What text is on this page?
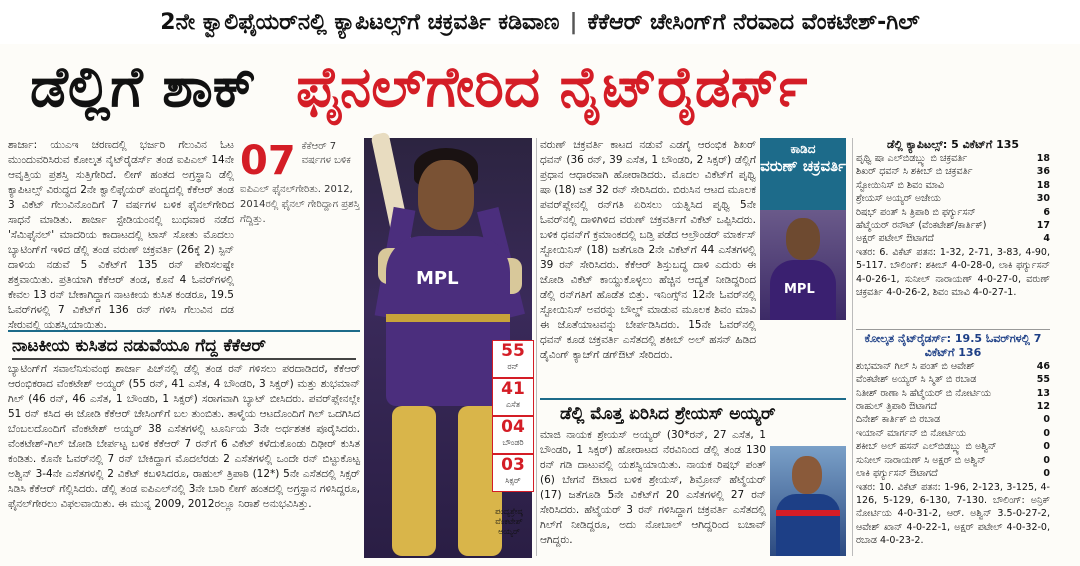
2ನೇ ಕ್ವಾಲಿಫೈಯರ್‌ನಲ್ಲಿ ಕ್ಯಾಪಿಟಲ್ಸ್‌ಗೆ ಚಕ್ರವರ್ತಿ ಕಡಿವಾಣ | ಕೆಕೆಆರ್ ಚೇಸಿಂಗ್‌ಗೆ ನೆರವಾದ ವೆಂಕಟೇಶ್-ಗಿಲ್
ಡೆಲ್ಲಿಗೆ ಶಾಕ್ ಫೈನಲ್‌ಗೇರಿದ ನೈಟ್‌ರೈಡರ್ಸ್
ಶಾರ್ಜಾ: ಯುಎಇ ಚರಣದಲ್ಲಿ ಭರ್ಜರಿ ಗೆಲುವಿನ ಓಟ ಮುಂದುವರಿಸಿರುವ ಕೋಲ್ಕತ ನೈಟ್‌ರೈಡರ್ಸ್ ತಂಡ ಐಪಿಎಲ್ 14ನೇ ಆವೃತ್ತಿಯ ಪ್ರಶಸ್ತಿ ಸುತ್ತಿಗೇರಿದೆ. ಲೀಗ್ ಹಂತದ ಅಗ್ರಸ್ಥಾನಿ ಡೆಲ್ಲಿ ಕ್ಯಾಪಿಟಲ್ಸ್ ವಿರುದ್ಧದ 2ನೇ ಕ್ವಾಲಿಫೈಯರ್ ಪಂದ್ಯದಲ್ಲಿ ಕೆಕೆಆರ್ ತಂಡ 3 ವಿಕೆಟ್ ಗೆಲುವಿನೊಂದಿಗೆ 7 ವರ್ಷಗಳ ಬಳಿಕ ಫೈನಲ್‌ಗೇರಿದ ಸಾಧನೆ ಮಾಡಿತು. ಶಾರ್ಜಾ ಸ್ಟೇಡಿಯಂನಲ್ಲಿ ಬುಧವಾರ ನಡೆದ 'ಸೆಮಿಫೈನಲ್' ಮಾದರಿಯ ಕಾದಾಟದಲ್ಲಿ ಟಾಸ್ ಸೋತು ಮೊದಲು ಬ್ಯಾಟಿಂಗ್‌ಗೆ ಇಳಿದ ಡೆಲ್ಲಿ ತಂಡ ವರುಣ್ ಚಕ್ರವರ್ತಿ (26ಕ್ಕೆ 2) ಸ್ಪಿನ್ ದಾಳಿಯ ನಡುವೆ 5 ವಿಕೆಟ್‌ಗೆ 135 ರನ್ ಪೇರಿಸಲಷ್ಟೇ ಶಕ್ತವಾಯಿತು. ಪ್ರತಿಯಾಗಿ ಕೆಕೆಆರ್ ತಂಡ, ಕೊನೆ 4 ಓವರ್‌ಗಳಲ್ಲಿ ಕೇವಲ 13 ರನ್ ಬೇಕಾಗಿದ್ದಾಗ ನಾಟಕೀಯ ಕುಸಿತ ಕಂಡರೂ, 19.5 ಓವರ್‌ಗಳಲ್ಲಿ 7 ವಿಕೆಟ್‌ಗೆ 136 ರನ್ ಗಳಿಸಿ ಗೆಲುವಿನ ದಡ ಸೇರುವಲ್ಲಿ ಯಶಸ್ವಿಯಾಯಿತು.
07 ಕೆಕೆಆರ್ 7 ವರ್ಷಗಳ ಬಳಿಕ
ಐಪಿಎಲ್ ಫೈನಲ್‌ಗೇರಿತು. 2012, 2014ರಲ್ಲಿ ಫೈನಲ್ ಗೇರಿದ್ದಾಗ ಪ್ರಶಸ್ತಿ ಗೆದ್ದಿತ್ತು.
ನಾಟಕೀಯ ಕುಸಿತದ ನಡುವೆಯೂ ಗೆದ್ದ ಕೆಕೆಆರ್
ಬ್ಯಾಟಿಂಗ್‌ಗೆ ಸವಾಲೆನಿಸುವಂಥ ಶಾರ್ಜಾ ಪಿಚ್‌ನಲ್ಲಿ ಡೆಲ್ಲಿ ತಂಡ ರನ್ ಗಳಿಸಲು ಪರದಾಡಿದರೆ, ಕೆಕೆಆರ್ ಆರಂಭಿಕರಾದ ವೆಂಕಟೇಶ್ ಅಯ್ಯರ್ (55 ರನ್, 41 ಎಸೆತ, 4 ಬೌಂಡರಿ, 3 ಸಿಕ್ಸರ್) ಮತ್ತು ಶುಭಮಾನ್ ಗಿಲ್ (46 ರನ್, 46 ಎಸೆತ, 1 ಬೌಂಡರಿ, 1 ಸಿಕ್ಸರ್) ಸರಾಗವಾಗಿ ಬ್ಯಾಟ್ ಬೀಸಿದರು. ಪವರ್‌ಪ್ಲೇನಲ್ಲೇ 51 ರನ್ ಕಸಿದ ಈ ಜೋಡಿ ಕೆಕೆಆರ್ ಚೇಸಿಂಗ್‌ಗೆ ಬಲ ತುಂಬಿತು. ತಾಳ್ಮೆಯ ಆಟದೊಂದಿಗೆ ಗಿಲ್ ಒದಗಿಸಿದ ಬೆಂಬಲದೊಂದಿಗೆ ವೆಂಕಟೇಶ್ ಅಯ್ಯರ್ 38 ಎಸೆತಗಳಲ್ಲಿ ಟೂರ್ನಿಯ 3ನೇ ಅರ್ಧಶತಕ ಪೂರೈಸಿದರು. ವೆಂಕಟೇಶ್-ಗಿಲ್ ಜೋಡಿ ಬೇರ್ಪಟ್ಟ ಬಳಿಕ ಕೆಕೆಆರ್ 7 ರನ್‌ಗೆ 6 ವಿಕೆಟ್ ಕಳೆದುಕೊಂಡು ದಿಢೀರ್ ಕುಸಿತ ಕಂಡಿತು. ಕೊನೇ ಓವರ್‌ನಲ್ಲಿ 7 ರನ್ ಬೇಕಿದ್ದಾಗ ಮೊದಲೆರಡು 2 ಎಸೆತಗಳಲ್ಲಿ ಒಂದೇ ರನ್ ಬಿಟ್ಟುಕೊಟ್ಟ ಅಶ್ವಿನ್ 3-4ನೇ ಎಸೆತಗಳಲ್ಲಿ 2 ವಿಕೆಟ್ ಕಬಳಿಸಿದರೂ, ರಾಹುಲ್ ತ್ರಿಪಾಠಿ (12*) 5ನೇ ಎಸೆತದಲ್ಲಿ ಸಿಕ್ಸರ್ ಸಿಡಿಸಿ ಕೆಕೆಆರ್ ಗೆಲ್ಲಿಸಿದರು. ಡೆಲ್ಲಿ ತಂಡ ಐಪಿಎಲ್‌ನಲ್ಲಿ 3ನೇ ಬಾರಿ ಲೀಗ್ ಹಂತದಲ್ಲಿ ಅಗ್ರಸ್ಥಾನ ಗಳಿಸಿದ್ದರೂ, ಫೈನಲ್‌ಗೇರಲು ವಿಫಲವಾಯಿತು. ಈ ಮುನ್ನ 2009, 2012ರಲ್ಲೂ ನಿರಾಶೆ ಅನುಭವಿಸಿತ್ತು.
MPL
55
ರನ್
41
ಎಸೆತ
04
ಬೌಂಡರಿ
03
ಸಿಕ್ಸರ್
ಪಂದ್ಯಶ್ರೇಷ್ಠ ವೆಂಕಟೇಶ್ ಅಯ್ಯರ್
ವರುಣ್ ಚಕ್ರವರ್ತಿ ಕಾಟದ ನಡುವೆ ಎಡಗೈ ಆರಂಭಿಕ ಶಿಖರ್ ಧವನ್ (36 ರನ್, 39 ಎಸೆತ, 1 ಬೌಂಡರಿ, 2 ಸಿಕ್ಸರ್) ಡೆಲ್ಲಿಗೆ ಪ್ರಧಾನ ಆಧಾರವಾಗಿ ಹೋರಾಡಿದರು. ಮೊದಲ ವಿಕೆಟ್‌ಗೆ ಪೃಥ್ವಿ ಷಾ (18) ಜತೆ 32 ರನ್ ಸೇರಿಸಿದರು. ಬಿರುಸಿನ ಆಟದ ಮೂಲಕ ಪವರ್‌ಪ್ಲೇನಲ್ಲಿ ರನ್‌ಗತಿ ಏರಿಸಲು ಯತ್ನಿಸಿದ ಪೃಥ್ವಿ 5ನೇ ಓವರ್‌ನಲ್ಲಿ ದಾಳಿಗಿಳಿದ ವರುಣ್ ಚಕ್ರವರ್ತಿಗೆ ವಿಕೆಟ್ ಒಪ್ಪಿಸಿದರು. ಬಳಿಕ ಧವನ್‌ಗೆ ಕ್ರಮಾಂಕದಲ್ಲಿ ಬಡ್ತಿ ಪಡೆದ ಆಲ್ರೌಂಡರ್ ಮಾರ್ಕಸ್ ಸ್ಟೋಯಿನಿಸ್ (18) ಜತೆಗೂಡಿ 2ನೇ ವಿಕೆಟ್‌ಗೆ 44 ಎಸೆತಗಳಲ್ಲಿ 39 ರನ್ ಸೇರಿಸಿದರು. ಕೆಕೆಆರ್ ಶಿಸ್ತುಬದ್ಧ ದಾಳಿ ಎದುರು ಈ ಜೋಡಿ ವಿಕೆಟ್ ಕಾಯ್ದುಕೊಳ್ಳಲು ಹೆಚ್ಚಿನ ಆದ್ಯತೆ ನೀಡಿದ್ದರಿಂದ ಡೆಲ್ಲಿ ರನ್‌ಗತಿಗೆ ಹೊಡೆತ ಬಿತ್ತು. ಇನಿಂಗ್ಸ್‌ನ 12ನೇ ಓವರ್‌ನಲ್ಲಿ ಸ್ಟೋಯಿನಿಸ್ ಅವರನ್ನು ಬೌಲ್ಡ್ ಮಾಡುವ ಮೂಲಕ ಶಿವಂ ಮಾವಿ ಈ ಜೊತೆಯಾಟವನ್ನು ಬೇರ್ಪಡಿಸಿದರು. 15ನೇ ಓವರ್‌ನಲ್ಲಿ ಧವನ್ ಕೂಡ ಚಕ್ರವರ್ತಿ ಎಸೆತದಲ್ಲಿ ಶಕೀಬ್ ಅಲ್ ಹಸನ್ ಹಿಡಿದ ಡೈವಿಂಗ್ ಕ್ಯಾಚ್‌ಗೆ ಡಗ್‌ಔಟ್ ಸೇರಿದರು.
ಕಾಡಿದ
ವರುಣ್ ಚಕ್ರವರ್ತಿ
MPL
ಡೆಲ್ಲಿ ಮೊತ್ತ ಏರಿಸಿದ ಶ್ರೇಯಸ್ ಅಯ್ಯರ್
ಮಾಜಿ ನಾಯಕ ಶ್ರೇಯಸ್ ಅಯ್ಯರ್ (30*ರನ್, 27 ಎಸೆತ, 1 ಬೌಂಡರಿ, 1 ಸಿಕ್ಸರ್) ಹೋರಾಟದ ನೆರವಿನಿಂದ ಡೆಲ್ಲಿ ತಂಡ 130 ರನ್ ಗಡಿ ದಾಟುವಲ್ಲಿ ಯಶಸ್ವಿಯಾಯಿತು. ನಾಯಕ ರಿಷಭ್ ಪಂತ್ (6) ಬೇಗನೆ ಔಟಾದ ಬಳಿಕ ಶ್ರೇಯಸ್, ಶಿಮ್ರೋನ್ ಹೆಟ್ಮೆಯರ್ (17) ಜತೆಗೂಡಿ 5ನೇ ವಿಕೆಟ್‌ಗೆ 20 ಎಸೆತಗಳಲ್ಲಿ 27 ರನ್ ಸೇರಿಸಿದರು. ಹೆಟ್ಮೆಯರ್ 3 ರನ್ ಗಳಿಸಿದ್ದಾಗ ಚಕ್ರವರ್ತಿ ಎಸೆತದಲ್ಲಿ ಗಿಲ್‌ಗೆ ನೀಡಿದ್ದರೂ, ಅದು ನೋಬಾಲ್ ಆಗಿದ್ದರಿಂದ ಬಚಾವ್ ಆಗಿದ್ದರು.
ಡೆಲ್ಲಿ ಕ್ಯಾಪಿಟಲ್ಸ್: 5 ವಿಕೆಟ್‌ಗೆ 135
ಪೃಥ್ವಿ ಷಾ ಎಲ್‌ಬಿಡಬ್ಲ್ಯು ಬಿ ಚಕ್ರವರ್ತಿ	18
ಶಿಖರ್ ಧವನ್ ಸಿ ಶಕೀಬ್ ಬಿ ಚಕ್ರವರ್ತಿ	36
ಸ್ಟೋಯಿನಿಸ್ ಬಿ ಶಿವಂ ಮಾವಿ	18
ಶ್ರೇಯಸ್ ಅಯ್ಯರ್ ಅಜೇಯ	30
ರಿಷಭ್ ಪಂತ್ ಸಿ ತ್ರಿಪಾಠಿ ಬಿ ಫರ್ಗ್ಯುಸನ್	6
ಹೆಟ್ಮೆಯರ್ ರನೌಟ್ (ವೆಂಕಟೇಶ್/ಕಾರ್ತಿಕ್)	17
ಅಕ್ಷರ್ ಪಟೇಲ್ ಔಟಾಗದೆ	4
ಇತರ: 6. ವಿಕೆಟ್ ಪತನ: 1-32, 2-71, 3-83, 4-90, 5-117. ಬೌಲಿಂಗ್: ಶಕೀಬ್ 4-0-28-0, ಲಾಕಿ ಫರ್ಗ್ಯುಸನ್ 4-0-26-1, ಸುನೀಲ್ ನಾರಾಯಣ್ 4-0-27-0, ವರುಣ್ ಚಕ್ರವರ್ತಿ 4-0-26-2, ಶಿವಂ ಮಾವಿ 4-0-27-1.
ಕೋಲ್ಕತ ನೈಟ್‌ರೈಡರ್ಸ್: 19.5 ಓವರ್‌ಗಳಲ್ಲಿ 7 ವಿಕೆಟ್‌ಗೆ 136
ಶುಭಮಾನ್ ಗಿಲ್ ಸಿ ಪಂತ್ ಬಿ ಆವೇಶ್	46
ವೆಂಕಟೇಶ್ ಅಯ್ಯರ್ ಸಿ ಸ್ಮಿತ್ ಬಿ ರಬಾಡ	55
ನಿತೀಶ್ ರಾಣಾ ಸಿ ಹೆಟ್ಮೆಯರ್ ಬಿ ನೋರ್ಟಿಯ	13
ರಾಹುಲ್ ತ್ರಿಪಾಠಿ ಔಟಾಗದೆ	12
ದಿನೇಶ್ ಕಾರ್ತಿಕ್ ಬಿ ರಬಾಡ	0
ಇಯಾನ್ ಮಾರ್ಗನ್ ಬಿ ನೋರ್ಟಿಯ	0
ಶಕೀಬ್ ಅಲ್ ಹಸನ್ ಎಲ್‌ಬಿಡಬ್ಲ್ಯು ಬಿ ಅಶ್ವಿನ್	0
ಸುನೀಲ್ ನಾರಾಯಣ್ ಸಿ ಅಕ್ಷರ್ ಬಿ ಅಶ್ವಿನ್	0
ಲಾಕಿ ಫರ್ಗ್ಯುಸನ್ ಔಟಾಗದೆ	0
ಇತರ: 10. ವಿಕೆಟ್ ಪತನ: 1-96, 2-123, 3-125, 4-126, 5-129, 6-130, 7-130. ಬೌಲಿಂಗ್: ಅನ್ರಿಕ್ ನೋರ್ಟಿಯ 4-0-31-2, ಆರ್. ಅಶ್ವಿನ್ 3.5-0-27-2, ಆವೇಶ್ ಖಾನ್ 4-0-22-1, ಅಕ್ಷರ್ ಪಟೇಲ್ 4-0-32-0, ರಬಾಡ 4-0-23-2.
